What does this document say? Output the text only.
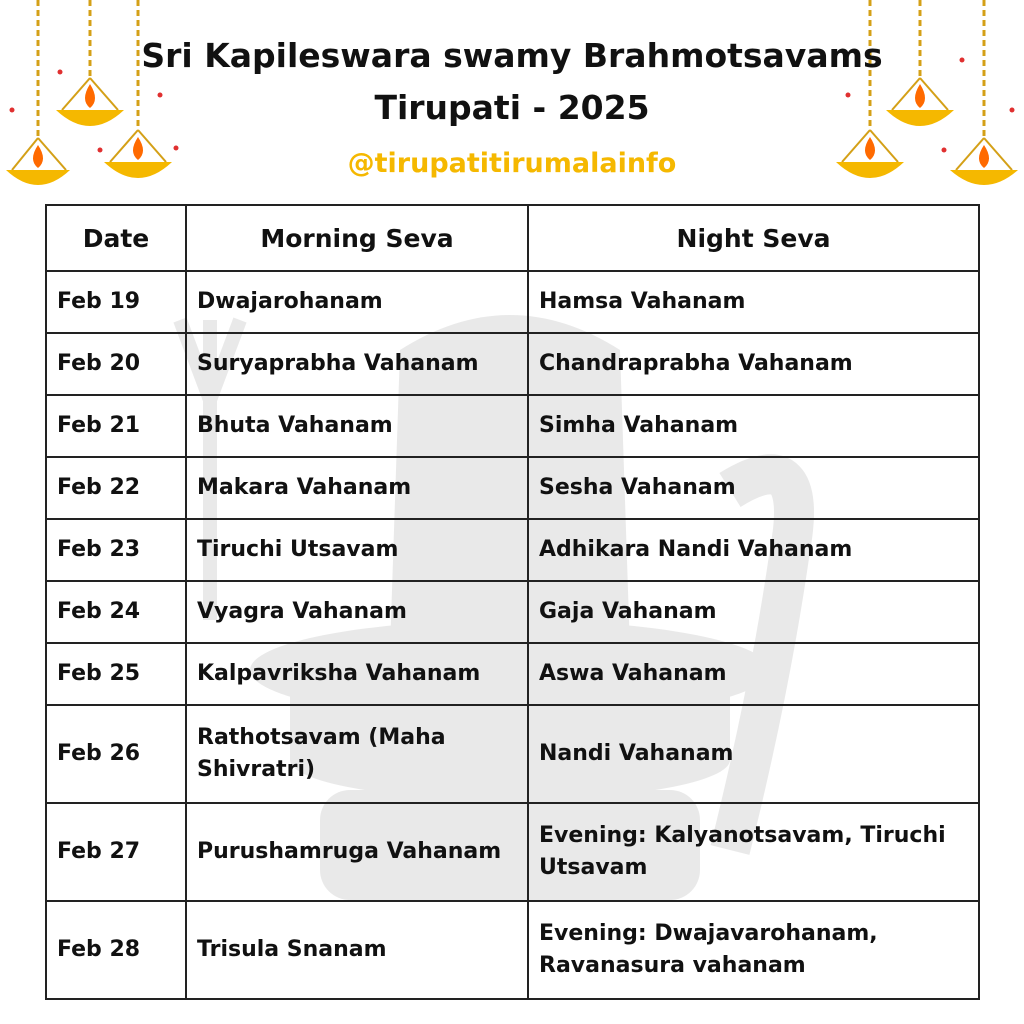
Sri Kapileswara swamy Brahmotsavams
Tirupati - 2025
@tirupatitirumalainfo
Date	Morning Seva	Night Seva
Feb 19	Dwajarohanam	Hamsa Vahanam
Feb 20	Suryaprabha Vahanam	Chandraprabha Vahanam
Feb 21	Bhuta Vahanam	Simha Vahanam
Feb 22	Makara Vahanam	Sesha Vahanam
Feb 23	Tiruchi Utsavam	Adhikara Nandi Vahanam
Feb 24	Vyagra Vahanam	Gaja Vahanam
Feb 25	Kalpavriksha Vahanam	Aswa Vahanam
Feb 26	Rathotsavam (Maha Shivratri)	Nandi Vahanam
Feb 27	Purushamruga Vahanam	Evening: Kalyanotsavam, Tiruchi Utsavam
Feb 28	Trisula Snanam	Evening: Dwajavarohanam, Ravanasura vahanam
